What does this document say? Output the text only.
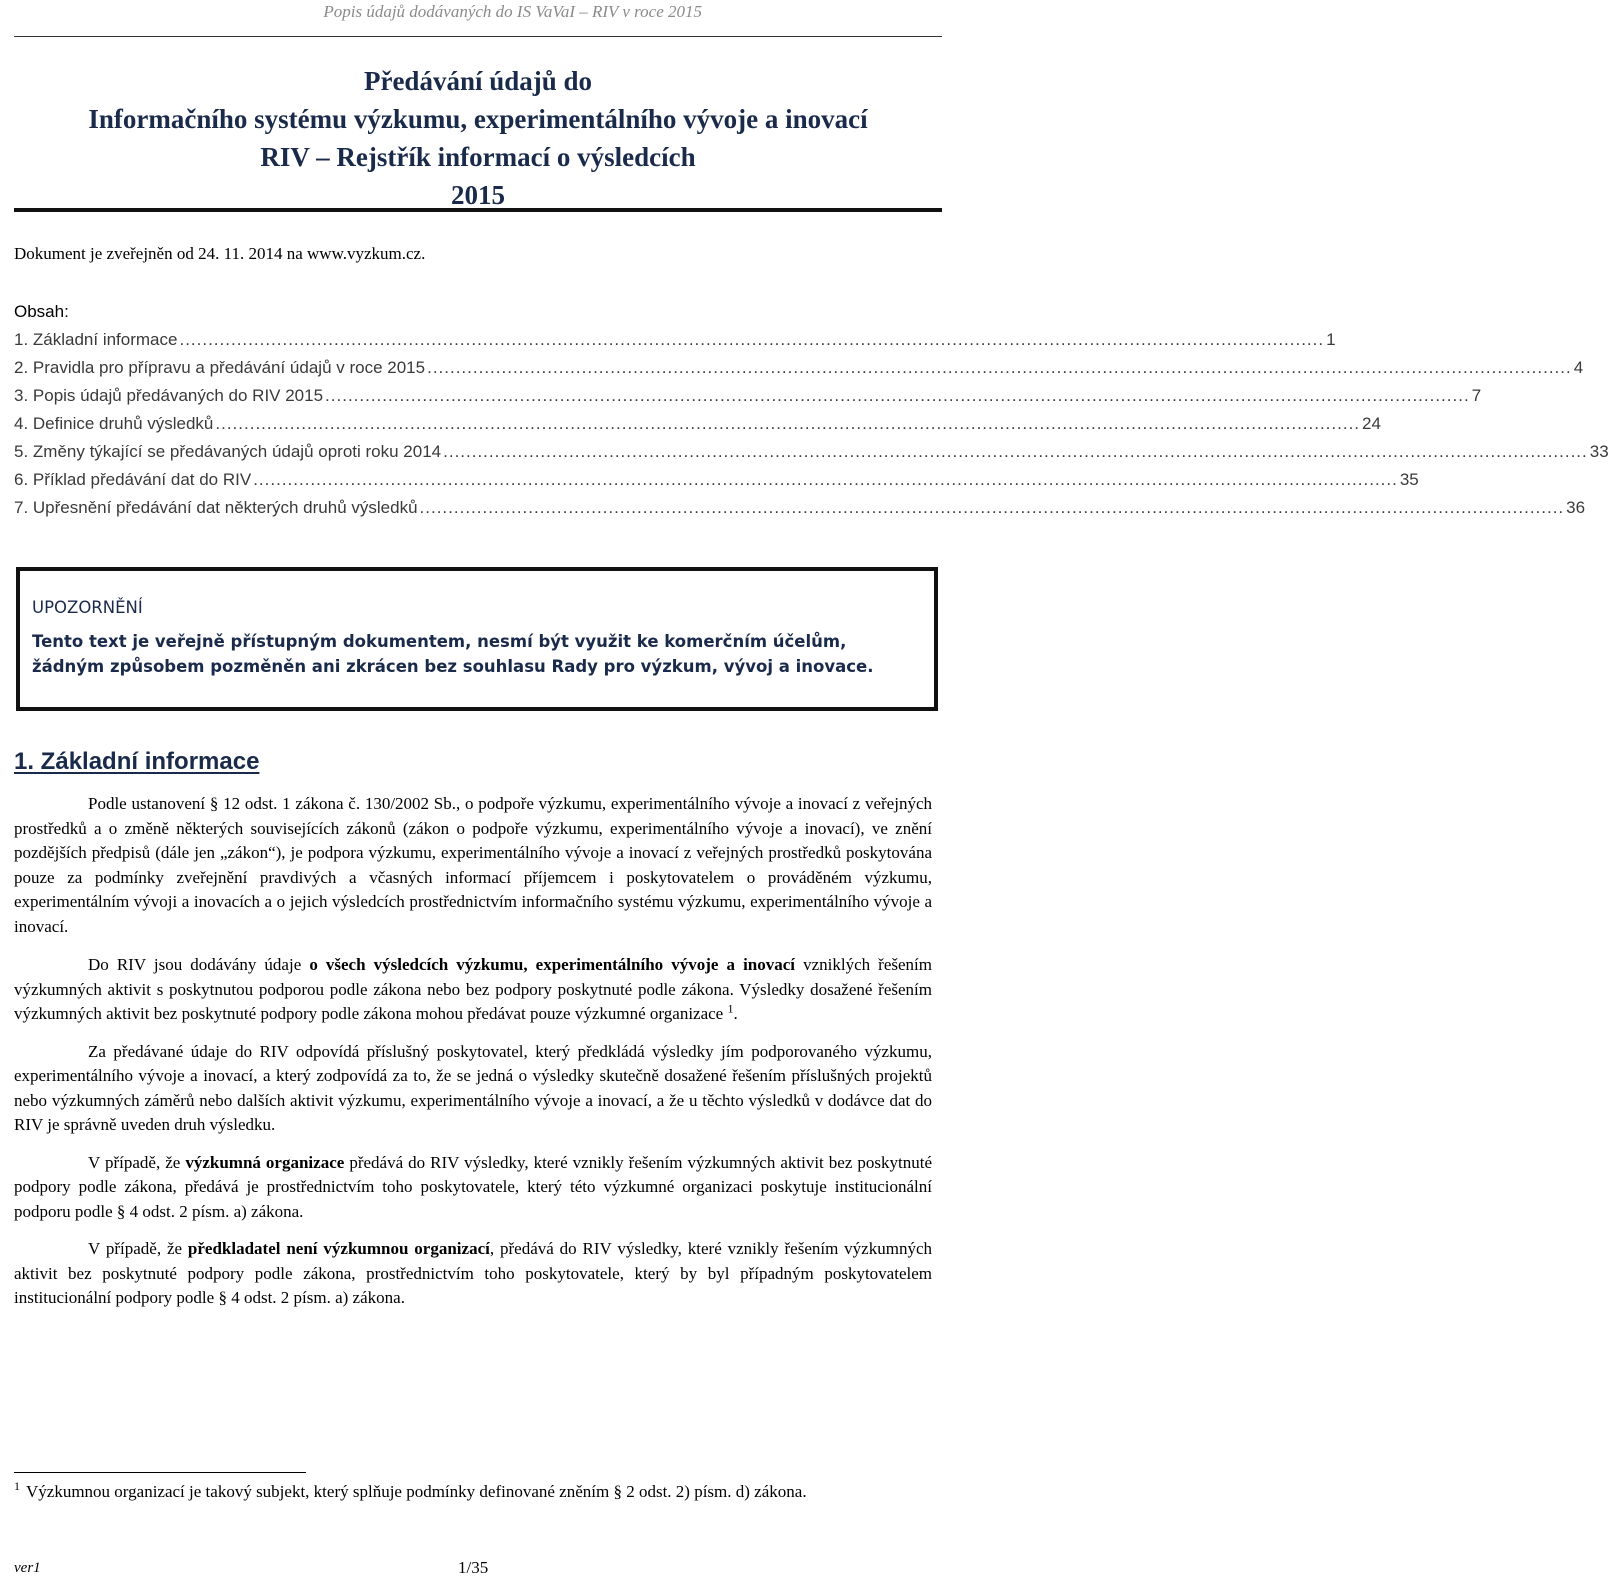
Popis údajů dodávaných do IS VaVaI – RIV v roce 2015
Předávání údajů do
Informačního systému výzkumu, experimentálního vývoje a inovací
RIV – Rejstřík informací o výsledcích
2015
Dokument je zveřejněn od 24. 11. 2014 na www.vyzkum.cz.
Obsah:
1. Základní informace ........................................................................................................................................................................................................ 1
2. Pravidla pro přípravu a předávání údajů v roce 2015 ........................................................................................................................................................................................................ 4
3. Popis údajů předávaných do RIV 2015 ........................................................................................................................................................................................................ 7
4. Definice druhů výsledků ........................................................................................................................................................................................................ 24
5. Změny týkající se předávaných údajů oproti roku 2014 ........................................................................................................................................................................................................ 33
6. Příklad předávání dat do RIV ........................................................................................................................................................................................................ 35
7. Upřesnění předávání dat některých druhů výsledků ........................................................................................................................................................................................................ 36
UPOZORNĚNÍ
Tento text je veřejně přístupným dokumentem, nesmí být využit ke komerčním účelům, žádným způsobem pozměněn ani zkrácen bez souhlasu Rady pro výzkum, vývoj a inovace.
1. Základní informace

Podle ustanovení § 12 odst. 1 zákona č. 130/2002 Sb., o podpoře výzkumu, experimentálního vývoje a inovací z veřejných prostředků a o změně některých souvisejících zákonů (zákon o podpoře výzkumu, experimentálního vývoje a inovací), ve znění pozdějších předpisů (dále jen „zákon“), je podpora výzkumu, experimentálního vývoje a inovací z veřejných prostředků poskytována pouze za podmínky zveřejnění pravdivých a včasných informací příjemcem i poskytovatelem o prováděném výzkumu, experimentálním vývoji a inovacích a o jejich výsledcích prostřednictvím informačního systému výzkumu, experimentálního vývoje a inovací.

Do RIV jsou dodávány údaje o všech výsledcích výzkumu, experimentálního vývoje a inovací vzniklých řešením výzkumných aktivit s poskytnutou podporou podle zákona nebo bez podpory poskytnuté podle zákona. Výsledky dosažené řešením výzkumných aktivit bez poskytnuté podpory podle zákona mohou předávat pouze výzkumné organizace $^1$.

Za předávané údaje do RIV odpovídá příslušný poskytovatel, který předkládá výsledky jím podporovaného výzkumu, experimentálního vývoje a inovací, a který zodpovídá za to, že se jedná o výsledky skutečně dosažené řešením příslušných projektů nebo výzkumných záměrů nebo dalších aktivit výzkumu, experimentálního vývoje a inovací, a že u těchto výsledků v dodávce dat do RIV je správně uveden druh výsledku.

V případě, že výzkumná organizace předává do RIV výsledky, které vznikly řešením výzkumných aktivit bez poskytnuté podpory podle zákona, předává je prostřednictvím toho poskytovatele, který této výzkumné organizaci poskytuje institucionální podporu podle § 4 odst. 2 písm. a) zákona.

V případě, že předkladatel není výzkumnou organizací, předává do RIV výsledky, které vznikly řešením výzkumných aktivit bez poskytnuté podpory podle zákona, prostřednictvím toho poskytovatele, který by byl případným poskytovatelem institucionální podpory podle § 4 odst. 2 písm. a) zákona.

$^1$ Výzkumnou organizací je takový subjekt, který splňuje podmínky definované zněním § 2 odst. 2) písm. d) zákona.
ver1	1/35
